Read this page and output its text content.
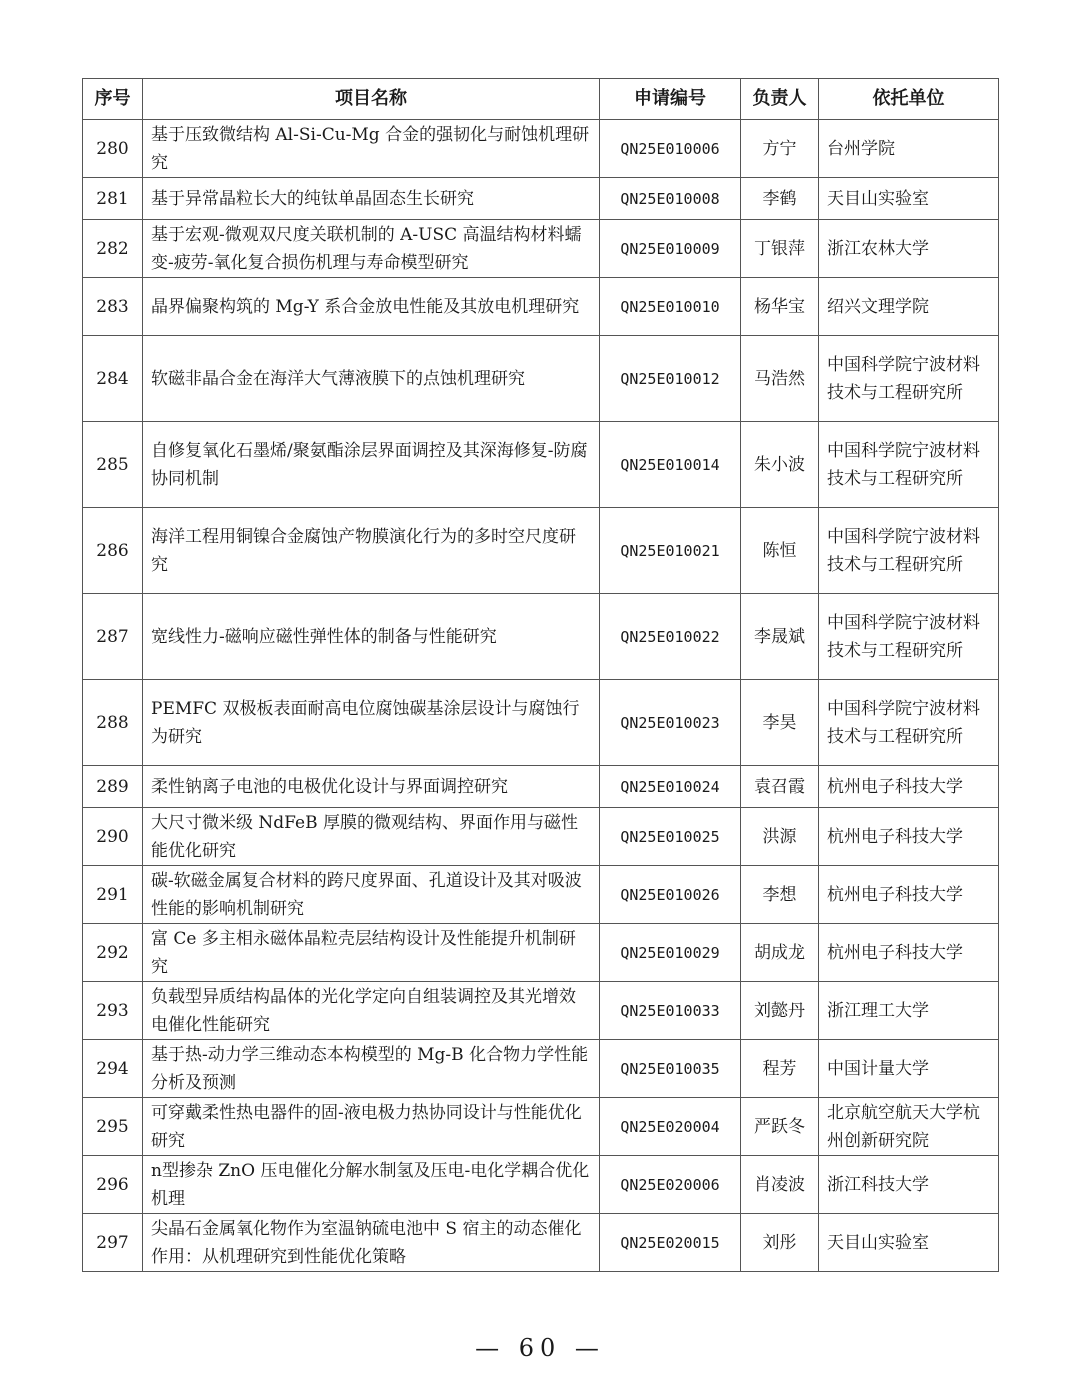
序号	项目名称	申请编号	负责人	依托单位
280	基于压致微结构 Al-Si-Cu-Mg 合金的强韧化与耐蚀机理研究	QN25E010006	方宁	台州学院
281	基于异常晶粒长大的纯钛单晶固态生长研究	QN25E010008	李鹤	天目山实验室
282	基于宏观-微观双尺度关联机制的 A-USC 高温结构材料蠕变-疲劳-氧化复合损伤机理与寿命模型研究	QN25E010009	丁银萍	浙江农林大学
283	晶界偏聚构筑的 Mg-Y 系合金放电性能及其放电机理研究	QN25E010010	杨华宝	绍兴文理学院
284	软磁非晶合金在海洋大气薄液膜下的点蚀机理研究	QN25E010012	马浩然	中国科学院宁波材料技术与工程研究所
285	自修复氧化石墨烯/聚氨酯涂层界面调控及其深海修复-防腐协同机制	QN25E010014	朱小波	中国科学院宁波材料技术与工程研究所
286	海洋工程用铜镍合金腐蚀产物膜演化行为的多时空尺度研究	QN25E010021	陈恒	中国科学院宁波材料技术与工程研究所
287	宽线性力-磁响应磁性弹性体的制备与性能研究	QN25E010022	李晟斌	中国科学院宁波材料技术与工程研究所
288	PEMFC 双极板表面耐高电位腐蚀碳基涂层设计与腐蚀行为研究	QN25E010023	李昊	中国科学院宁波材料技术与工程研究所
289	柔性钠离子电池的电极优化设计与界面调控研究	QN25E010024	袁召霞	杭州电子科技大学
290	大尺寸微米级 NdFeB 厚膜的微观结构、界面作用与磁性能优化研究	QN25E010025	洪源	杭州电子科技大学
291	碳-软磁金属复合材料的跨尺度界面、孔道设计及其对吸波性能的影响机制研究	QN25E010026	李想	杭州电子科技大学
292	富 Ce 多主相永磁体晶粒壳层结构设计及性能提升机制研究	QN25E010029	胡成龙	杭州电子科技大学
293	负载型异质结构晶体的光化学定向自组装调控及其光增效电催化性能研究	QN25E010033	刘懿丹	浙江理工大学
294	基于热-动力学三维动态本构模型的 Mg-B 化合物力学性能分析及预测	QN25E010035	程芳	中国计量大学
295	可穿戴柔性热电器件的固-液电极力热协同设计与性能优化研究	QN25E020004	严跃冬	北京航空航天大学杭州创新研究院
296	n型掺杂 ZnO 压电催化分解水制氢及压电-电化学耦合优化机理	QN25E020006	肖凌波	浙江科技大学
297	尖晶石金属氧化物作为室温钠硫电池中 S 宿主的动态催化作用：从机理研究到性能优化策略	QN25E020015	刘彤	天目山实验室
— 60 —
